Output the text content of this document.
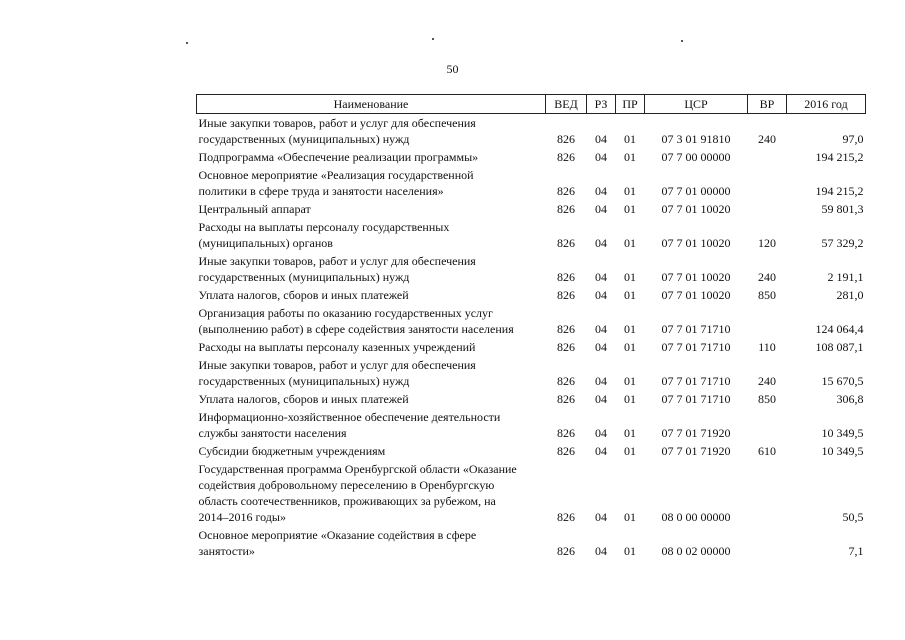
50
Наименование	ВЕД	РЗ	ПР	ЦСР	ВР	2016 год
Иные закупки товаров, работ и услуг для обеспечения
государственных (муниципальных) нужд	826	04	01	07 3 01 91810	240	97,0
Подпрограмма «Обеспечение реализации программы»	826	04	01	07 7 00 00000		194 215,2
Основное мероприятие «Реализация государственной
политики в сфере труда и занятости населения»	826	04	01	07 7 01 00000		194 215,2
Центральный аппарат	826	04	01	07 7 01 10020		59 801,3
Расходы на выплаты персоналу государственных
(муниципальных) органов	826	04	01	07 7 01 10020	120	57 329,2
Иные закупки товаров, работ и услуг для обеспечения
государственных (муниципальных) нужд	826	04	01	07 7 01 10020	240	2 191,1
Уплата налогов, сборов и иных платежей	826	04	01	07 7 01 10020	850	281,0
Организация работы по оказанию государственных услуг
(выполнению работ) в сфере содействия занятости населения	826	04	01	07 7 01 71710		124 064,4
Расходы на выплаты персоналу казенных учреждений	826	04	01	07 7 01 71710	110	108 087,1
Иные закупки товаров, работ и услуг для обеспечения
государственных (муниципальных) нужд	826	04	01	07 7 01 71710	240	15 670,5
Уплата налогов, сборов и иных платежей	826	04	01	07 7 01 71710	850	306,8
Информационно-хозяйственное обеспечение деятельности
службы занятости населения	826	04	01	07 7 01 71920		10 349,5
Субсидии бюджетным учреждениям	826	04	01	07 7 01 71920	610	10 349,5
Государственная программа Оренбургской области «Оказание
содействия добровольному переселению в Оренбургскую
область соотечественников, проживающих за рубежом, на
2014–2016 годы»	826	04	01	08 0 00 00000		50,5
Основное мероприятие «Оказание содействия в сфере
занятости»	826	04	01	08 0 02 00000		7,1
